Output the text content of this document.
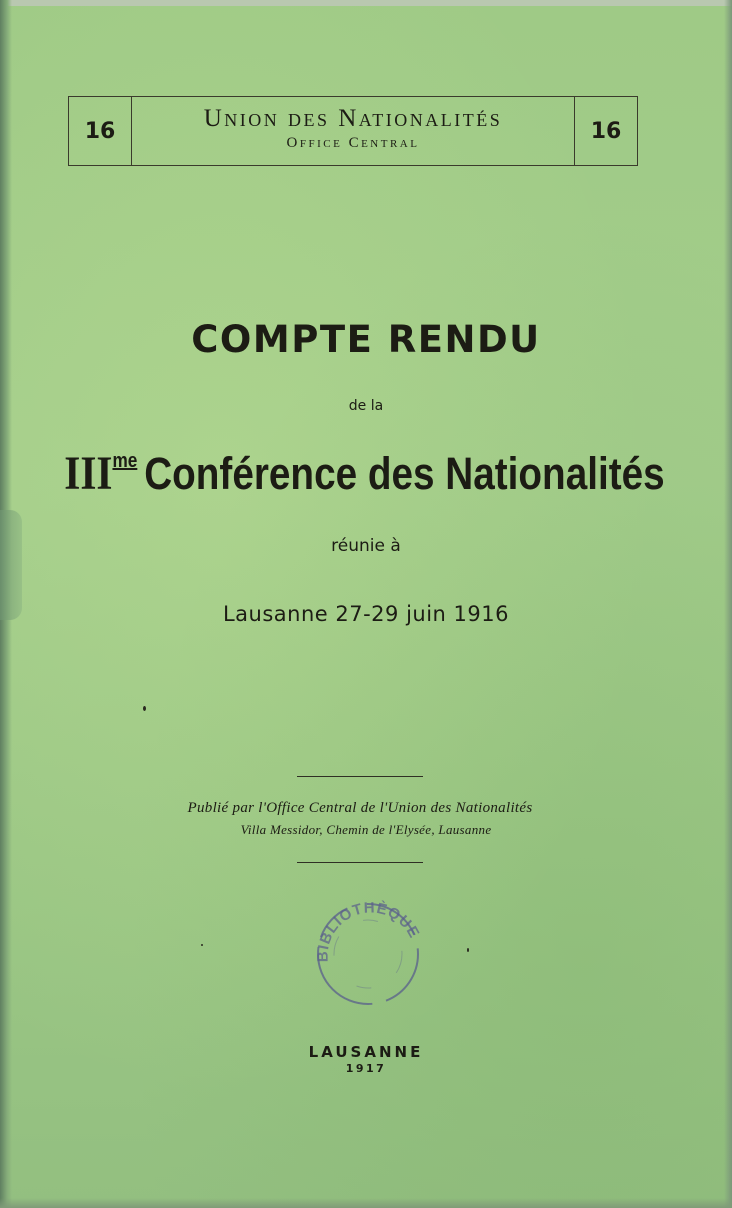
16	Union des Nationalités
Office Central	16
COMPTE RENDU
de la
$III^{me}$ Conférence des Nationalités
réunie à
Lausanne 27-29 juin 1916
Publié par l'Office Central de l'Union des Nationalités
Villa Messidor, Chemin de l'Elysée, Lausanne
BIBLIOTHÈQUE
LAUSANNE
1917
